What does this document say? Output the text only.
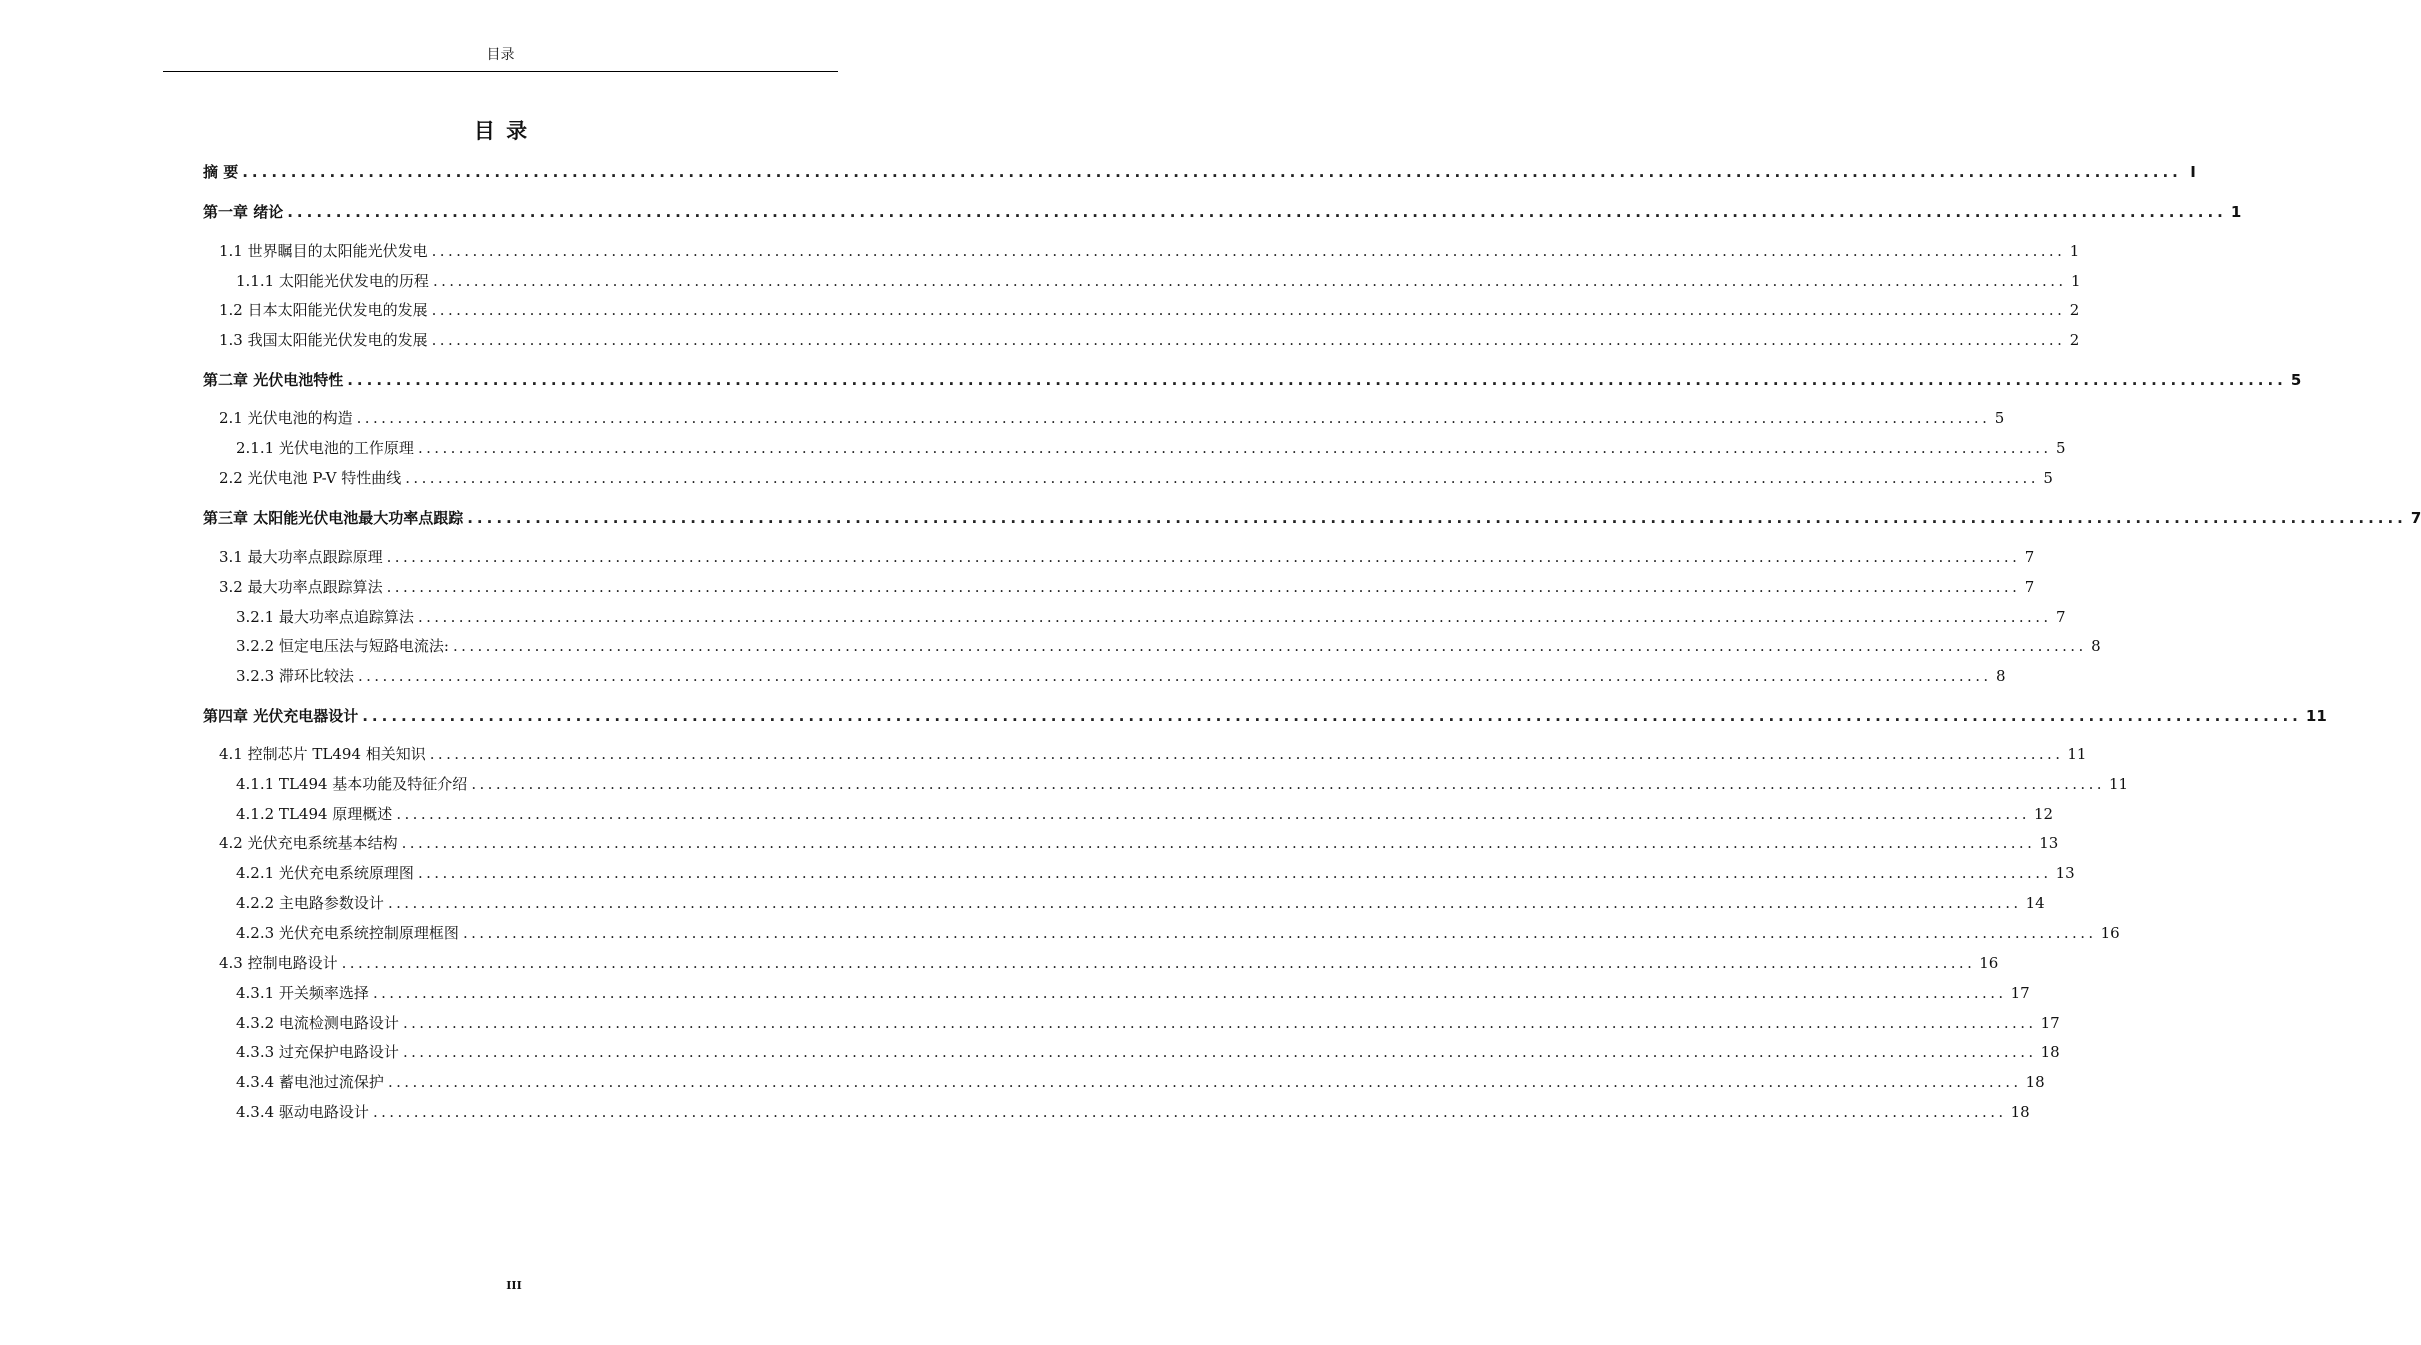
目录
目 录
摘 要 ........................................................................................................................................................................................................ I
第一章 绪论 ........................................................................................................................................................................................................ 1
1.1 世界瞩目的太阳能光伏发电 ........................................................................................................................................................................................................ 1
1.1.1 太阳能光伏发电的历程 ........................................................................................................................................................................................................ 1
1.2 日本太阳能光伏发电的发展 ........................................................................................................................................................................................................ 2
1.3 我国太阳能光伏发电的发展 ........................................................................................................................................................................................................ 2
第二章 光伏电池特性 ........................................................................................................................................................................................................ 5
2.1 光伏电池的构造 ........................................................................................................................................................................................................ 5
2.1.1 光伏电池的工作原理 ........................................................................................................................................................................................................ 5
2.2 光伏电池 P-V 特性曲线 ........................................................................................................................................................................................................ 5
第三章 太阳能光伏电池最大功率点跟踪 ........................................................................................................................................................................................................ 7
3.1 最大功率点跟踪原理 ........................................................................................................................................................................................................ 7
3.2 最大功率点跟踪算法 ........................................................................................................................................................................................................ 7
3.2.1 最大功率点追踪算法 ........................................................................................................................................................................................................ 7
3.2.2 恒定电压法与短路电流法: ........................................................................................................................................................................................................ 8
3.2.3 滞环比较法 ........................................................................................................................................................................................................ 8
第四章 光伏充电器设计 ........................................................................................................................................................................................................ 11
4.1 控制芯片 TL494 相关知识 ........................................................................................................................................................................................................ 11
4.1.1 TL494 基本功能及特征介绍 ........................................................................................................................................................................................................ 11
4.1.2 TL494 原理概述 ........................................................................................................................................................................................................ 12
4.2 光伏充电系统基本结构 ........................................................................................................................................................................................................ 13
4.2.1 光伏充电系统原理图 ........................................................................................................................................................................................................ 13
4.2.2 主电路参数设计 ........................................................................................................................................................................................................ 14
4.2.3 光伏充电系统控制原理框图 ........................................................................................................................................................................................................ 16
4.3 控制电路设计 ........................................................................................................................................................................................................ 16
4.3.1 开关频率选择 ........................................................................................................................................................................................................ 17
4.3.2 电流检测电路设计 ........................................................................................................................................................................................................ 17
4.3.3 过充保护电路设计 ........................................................................................................................................................................................................ 18
4.3.4 蓄电池过流保护 ........................................................................................................................................................................................................ 18
4.3.4 驱动电路设计 ........................................................................................................................................................................................................ 18
III
